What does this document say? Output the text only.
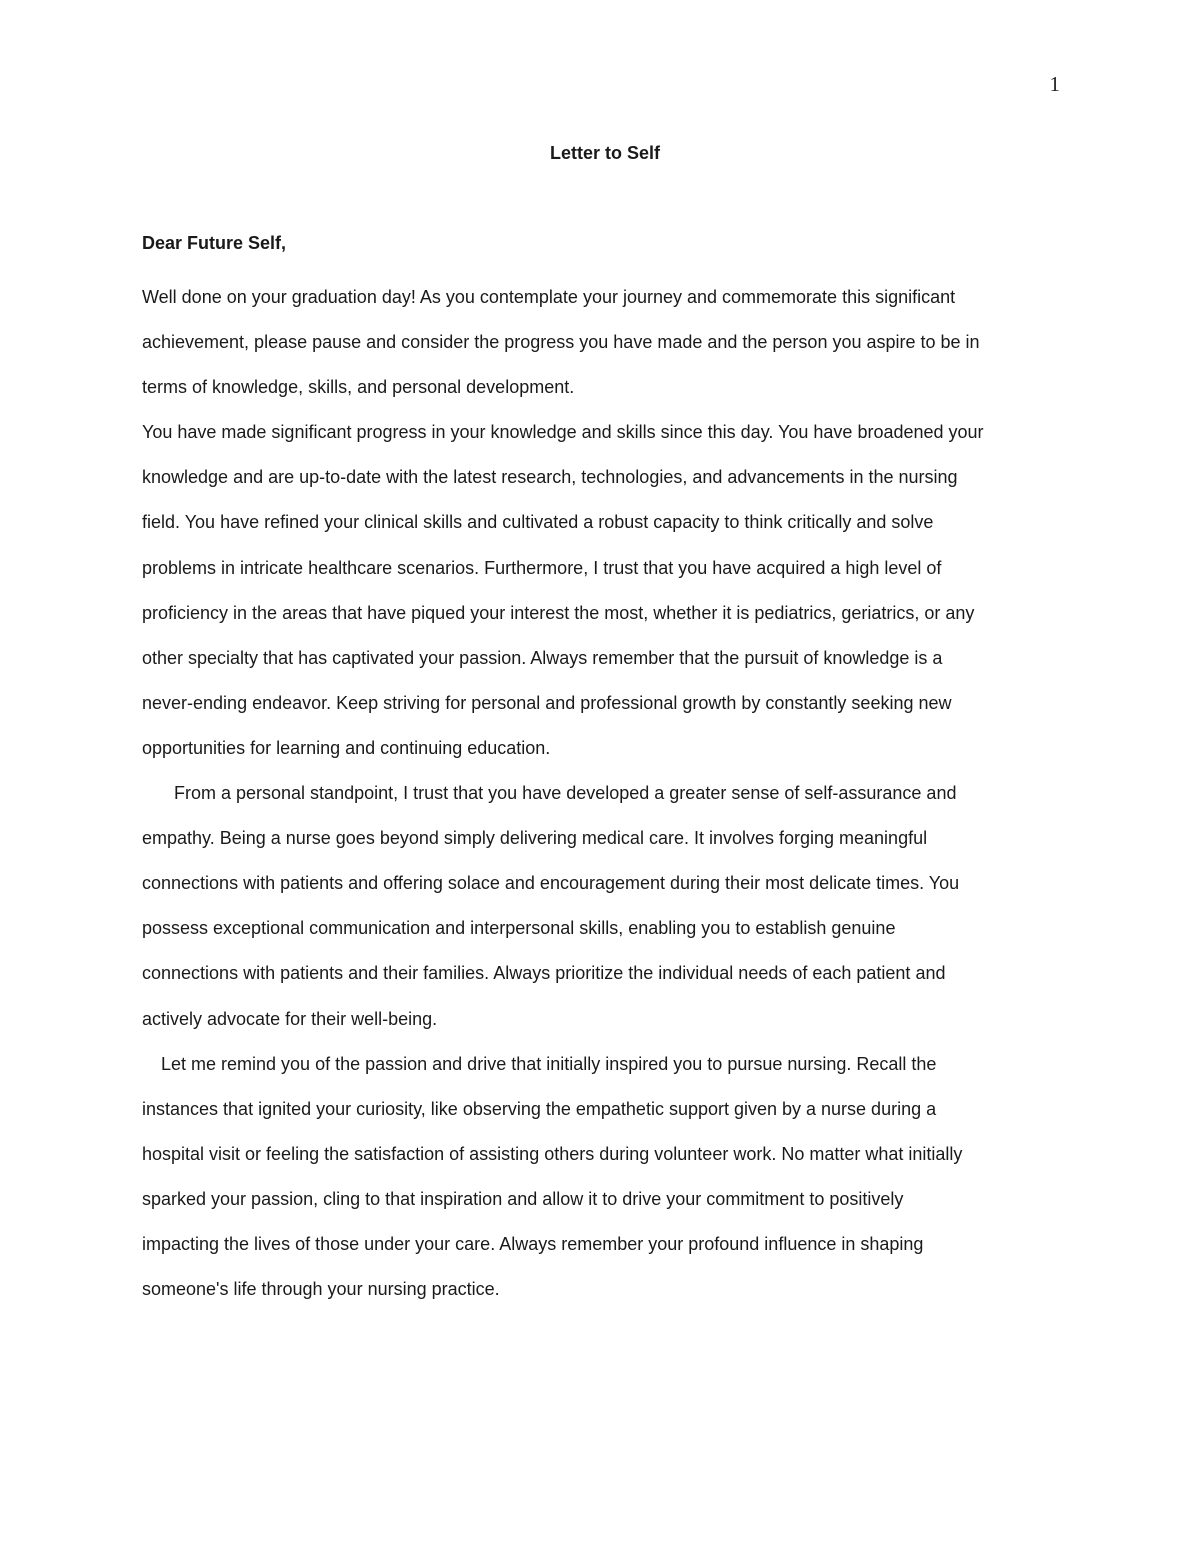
1
Letter to Self
Dear Future Self,
Well done on your graduation day! As you contemplate your journey and commemorate this significant
achievement, please pause and consider the progress you have made and the person you aspire to be in
terms of knowledge, skills, and personal development.
You have made significant progress in your knowledge and skills since this day. You have broadened your
knowledge and are up-to-date with the latest research, technologies, and advancements in the nursing
field. You have refined your clinical skills and cultivated a robust capacity to think critically and solve
problems in intricate healthcare scenarios. Furthermore, I trust that you have acquired a high level of
proficiency in the areas that have piqued your interest the most, whether it is pediatrics, geriatrics, or any
other specialty that has captivated your passion. Always remember that the pursuit of knowledge is a
never-ending endeavor. Keep striving for personal and professional growth by constantly seeking new
opportunities for learning and continuing education.
From a personal standpoint, I trust that you have developed a greater sense of self-assurance and
empathy. Being a nurse goes beyond simply delivering medical care. It involves forging meaningful
connections with patients and offering solace and encouragement during their most delicate times. You
possess exceptional communication and interpersonal skills, enabling you to establish genuine
connections with patients and their families. Always prioritize the individual needs of each patient and
actively advocate for their well-being.
Let me remind you of the passion and drive that initially inspired you to pursue nursing. Recall the
instances that ignited your curiosity, like observing the empathetic support given by a nurse during a
hospital visit or feeling the satisfaction of assisting others during volunteer work. No matter what initially
sparked your passion, cling to that inspiration and allow it to drive your commitment to positively
impacting the lives of those under your care. Always remember your profound influence in shaping
someone's life through your nursing practice.
